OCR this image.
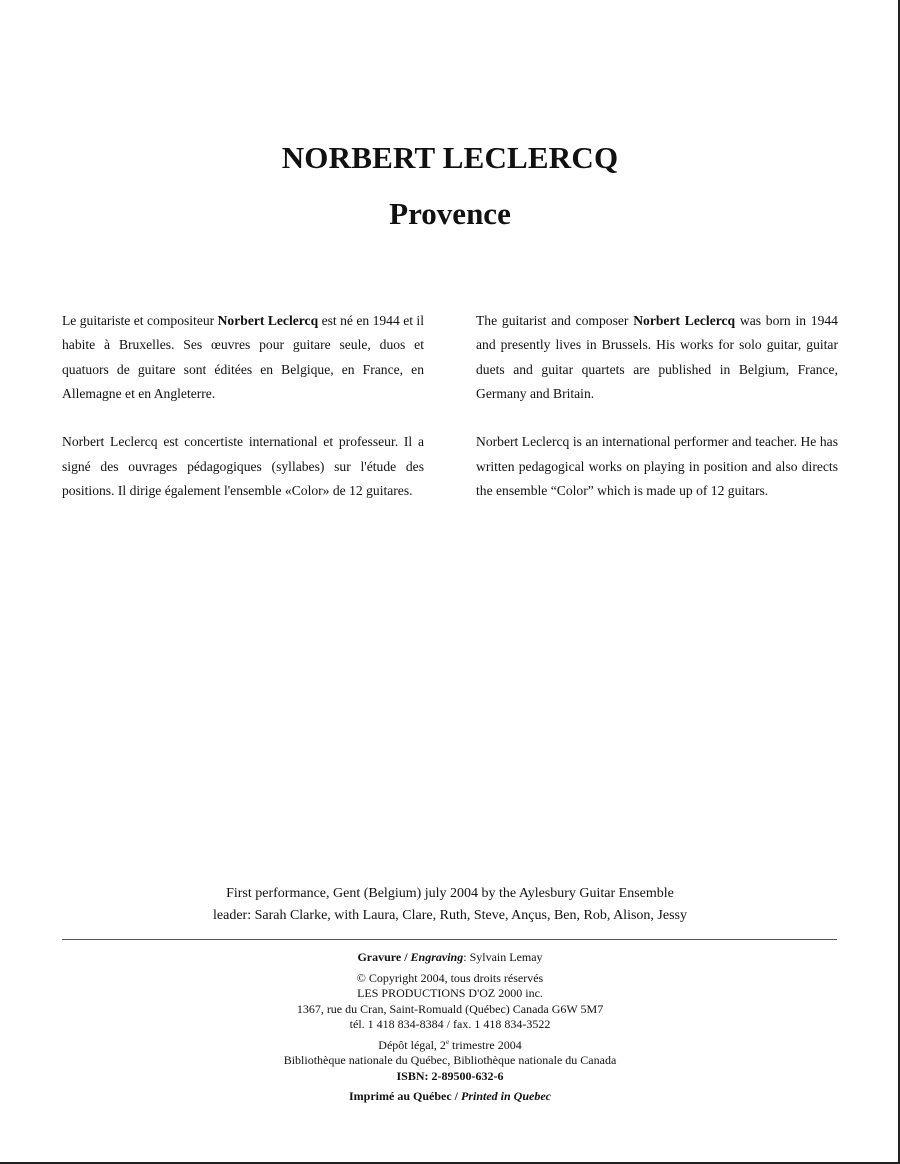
NORBERT LECLERCQ
Provence

Le guitariste et compositeur Norbert Leclercq est né en 1944 et il habite à Bruxelles. Ses œuvres pour guitare seule, duos et quatuors de guitare sont éditées en Belgique, en France, en Allemagne et en Angleterre.

Norbert Leclercq est concertiste international et professeur. Il a signé des ouvrages pédagogiques (syllabes) sur l'étude des positions. Il dirige également l'ensemble «Color» de 12 guitares.

The guitarist and composer Norbert Leclercq was born in 1944 and presently lives in Brussels. His works for solo guitar, guitar duets and guitar quartets are published in Belgium, France, Germany and Britain.

Norbert Leclercq is an international performer and teacher. He has written pedagogical works on playing in position and also directs the ensemble “Color” which is made up of 12 guitars.

First performance, Gent (Belgium) july 2004 by the Aylesbury Guitar Ensemble
leader: Sarah Clarke, with Laura, Clare, Ruth, Steve, Ançus, Ben, Rob, Alison, Jessy
Gravure / Engraving: Sylvain Lemay
© Copyright 2004, tous droits réservés
LES PRODUCTIONS D'OZ 2000 inc.
1367, rue du Cran, Saint-Romuald (Québec) Canada G6W 5M7
tél. 1 418 834-8384 / fax. 1 418 834-3522
Dépôt légal, 2e trimestre 2004
Bibliothèque nationale du Québec, Bibliothèque nationale du Canada
ISBN: 2-89500-632-6
Imprimé au Québec / Printed in Quebec
